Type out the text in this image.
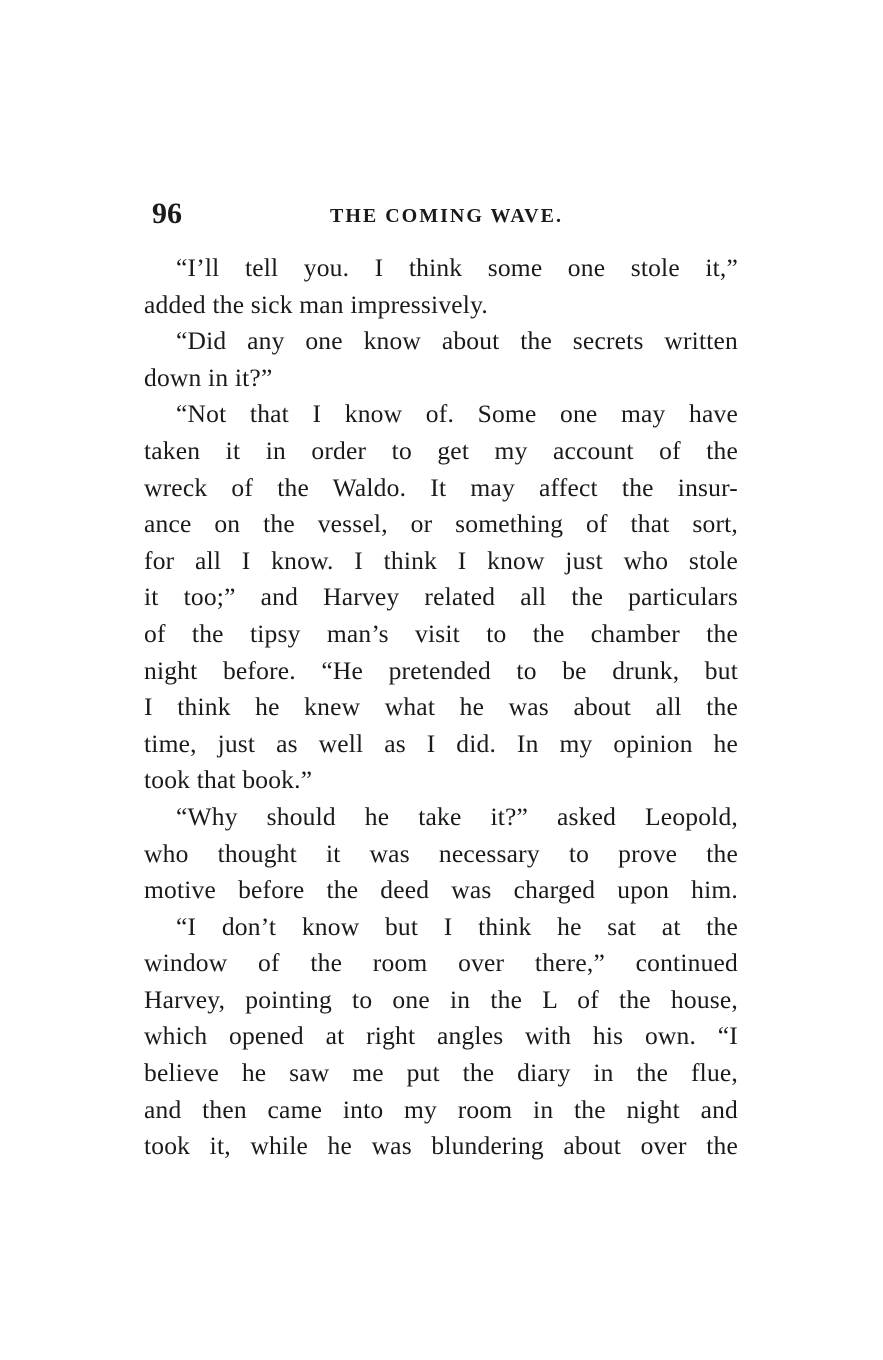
96	THE COMING WAVE.
“I’ll tell you. I think some one stole it,”
added the sick man impressively.
“Did any one know about the secrets written
down in it?”
“Not that I know of. Some one may have
taken it in order to get my account of the
wreck of the Waldo. It may affect the insur-
ance on the vessel, or something of that sort,
for all I know. I think I know just who stole
it too;” and Harvey related all the particulars
of the tipsy man’s visit to the chamber the
night before. “He pretended to be drunk, but
I think he knew what he was about all the
time, just as well as I did. In my opinion he
took that book.”
“Why should he take it?” asked Leopold,
who thought it was necessary to prove the
motive before the deed was charged upon him.
“I don’t know but I think he sat at the
window of the room over there,” continued
Harvey, pointing to one in the L of the house,
which opened at right angles with his own. “I
believe he saw me put the diary in the flue,
and then came into my room in the night and
took it, while he was blundering about over the
